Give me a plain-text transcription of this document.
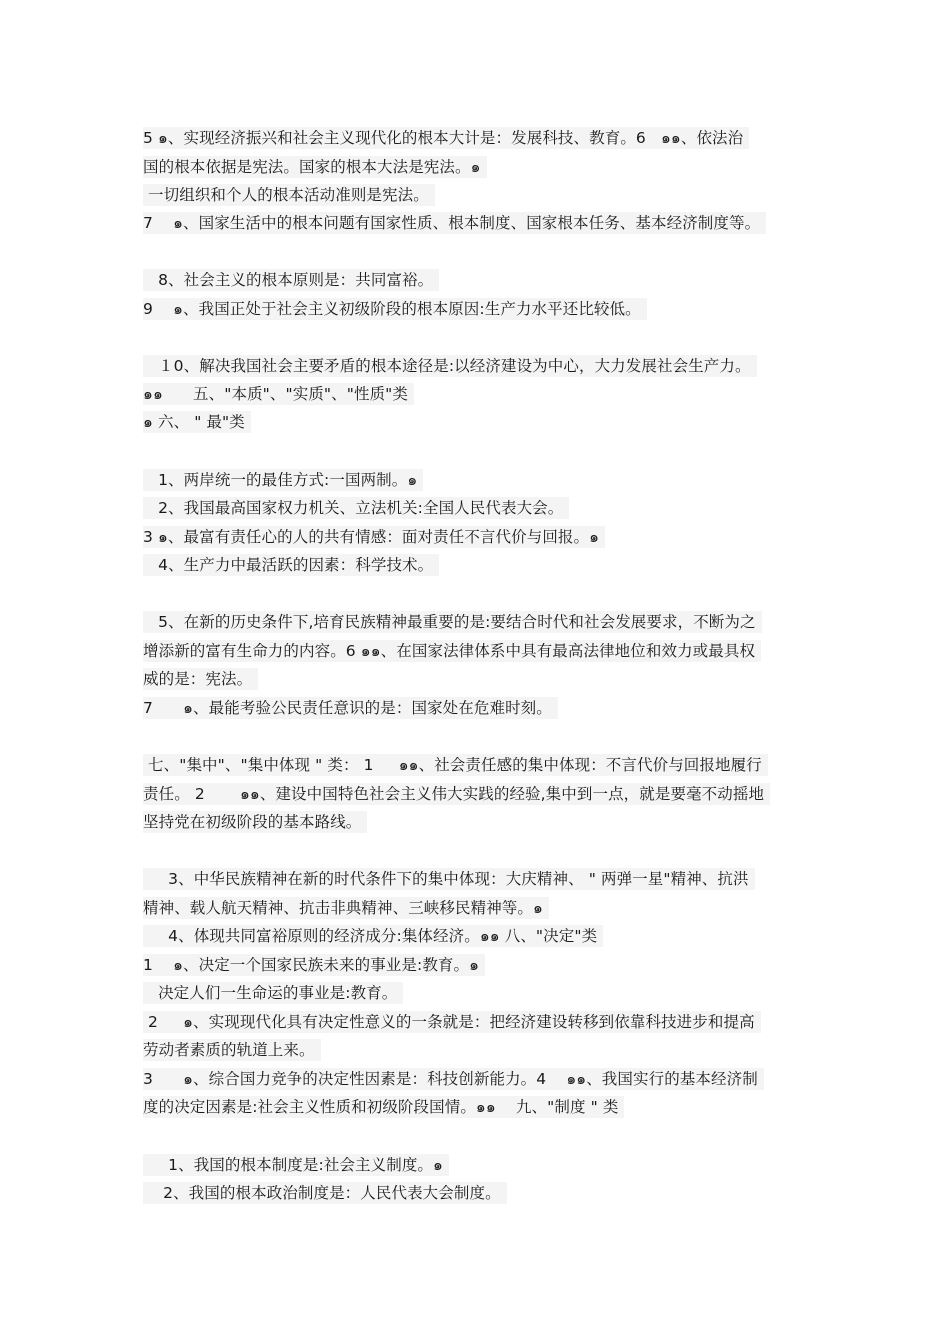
5 ๑、实现经济振兴和社会主义现代化的根本大计是：发展科技、教育。6   ๑๑、依法治
国的根本依据是宪法。国家的根本大法是宪法。๑
一切组织和个人的根本活动准则是宪法。
7    ๑、国家生活中的根本问题有国家性质、根本制度、国家根本任务、基本经济制度等。
8、社会主义的根本原则是：共同富裕。
9    ๑、我国正处于社会主义初级阶段的根本原因:生产力水平还比较低。
１0、解决我国社会主要矛盾的根本途径是:以经济建设为中心，大力发展社会生产力。
๑๑      五、"本质"、"实质"、"性质"类
๑ 六、 " 最"类
1、两岸统一的最佳方式:一国两制。๑
2、我国最高国家权力机关、立法机关:全国人民代表大会。
3 ๑、最富有责任心的人的共有情感：面对责任不言代价与回报。๑
4、生产力中最活跃的因素：科学技术。
5、在新的历史条件下,培育民族精神最重要的是:要结合时代和社会发展要求，不断为之
增添新的富有生命力的内容。6 ๑๑、在国家法律体系中具有最高法律地位和效力或最具权
威的是：宪法。
7      ๑、最能考验公民责任意识的是：国家处在危难时刻。
七、"集中"、"集中体现 " 类： 1     ๑๑、社会责任感的集中体现：不言代价与回报地履行
责任。 2       ๑๑、建设中国特色社会主义伟大实践的经验,集中到一点，就是要毫不动摇地
坚持党在初级阶段的基本路线。
3、中华民族精神在新的时代条件下的集中体现：大庆精神、 " 两弹一星"精神、抗洪
精神、载人航天精神、抗击非典精神、三峡移民精神等。๑
4、体现共同富裕原则的经济成分:集体经济。๑๑ 八、"决定"类
1    ๑、决定一个国家民族未来的事业是:教育。๑
决定人们一生命运的事业是:教育。
2     ๑、实现现代化具有决定性意义的一条就是：把经济建设转移到依靠科技进步和提高
劳动者素质的轨道上来。
3      ๑、综合国力竞争的决定性因素是：科技创新能力。4    ๑๑、我国实行的基本经济制
度的决定因素是:社会主义性质和初级阶段国情。๑๑    九、"制度 " 类
1、我国的根本制度是:社会主义制度。๑
2、我国的根本政治制度是：人民代表大会制度。
